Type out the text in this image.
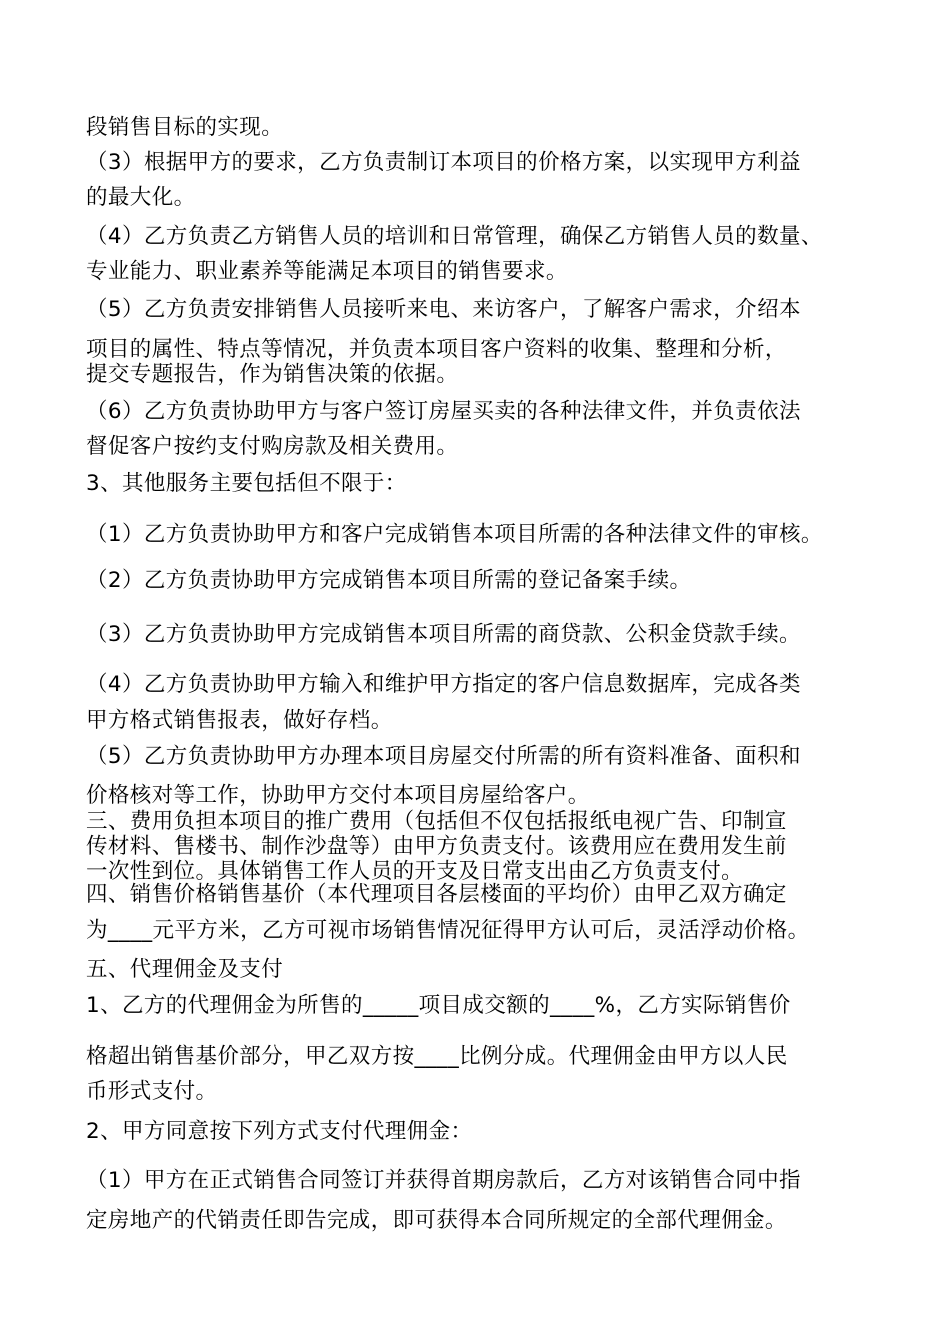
段销售目标的实现。
（3）根据甲方的要求，乙方负责制订本项目的价格方案，以实现甲方利益
的最大化。
（4）乙方负责乙方销售人员的培训和日常管理，确保乙方销售人员的数量、
专业能力、职业素养等能满足本项目的销售要求。
（5）乙方负责安排销售人员接听来电、来访客户，了解客户需求，介绍本
项目的属性、特点等情况，并负责本项目客户资料的收集、整理和分析，
提交专题报告，作为销售决策的依据。
（6）乙方负责协助甲方与客户签订房屋买卖的各种法律文件，并负责依法
督促客户按约支付购房款及相关费用。
3、其他服务主要包括但不限于：
（1）乙方负责协助甲方和客户完成销售本项目所需的各种法律文件的审核。
（2）乙方负责协助甲方完成销售本项目所需的登记备案手续。
（3）乙方负责协助甲方完成销售本项目所需的商贷款、公积金贷款手续。
（4）乙方负责协助甲方输入和维护甲方指定的客户信息数据库，完成各类
甲方格式销售报表，做好存档。
（5）乙方负责协助甲方办理本项目房屋交付所需的所有资料准备、面积和
价格核对等工作，协助甲方交付本项目房屋给客户。
三、费用负担本项目的推广费用（包括但不仅包括报纸电视广告、印制宣
传材料、售楼书、制作沙盘等）由甲方负责支付。该费用应在费用发生前
一次性到位。具体销售工作人员的开支及日常支出由乙方负责支付。
四、销售价格销售基价（本代理项目各层楼面的平均价）由甲乙双方确定
为____元平方米，乙方可视市场销售情况征得甲方认可后，灵活浮动价格。
五、代理佣金及支付
1、乙方的代理佣金为所售的_____项目成交额的____%，乙方实际销售价
格超出销售基价部分，甲乙双方按____比例分成。代理佣金由甲方以人民
币形式支付。
2、甲方同意按下列方式支付代理佣金：
（1）甲方在正式销售合同签订并获得首期房款后，乙方对该销售合同中指
定房地产的代销责任即告完成，即可获得本合同所规定的全部代理佣金。
